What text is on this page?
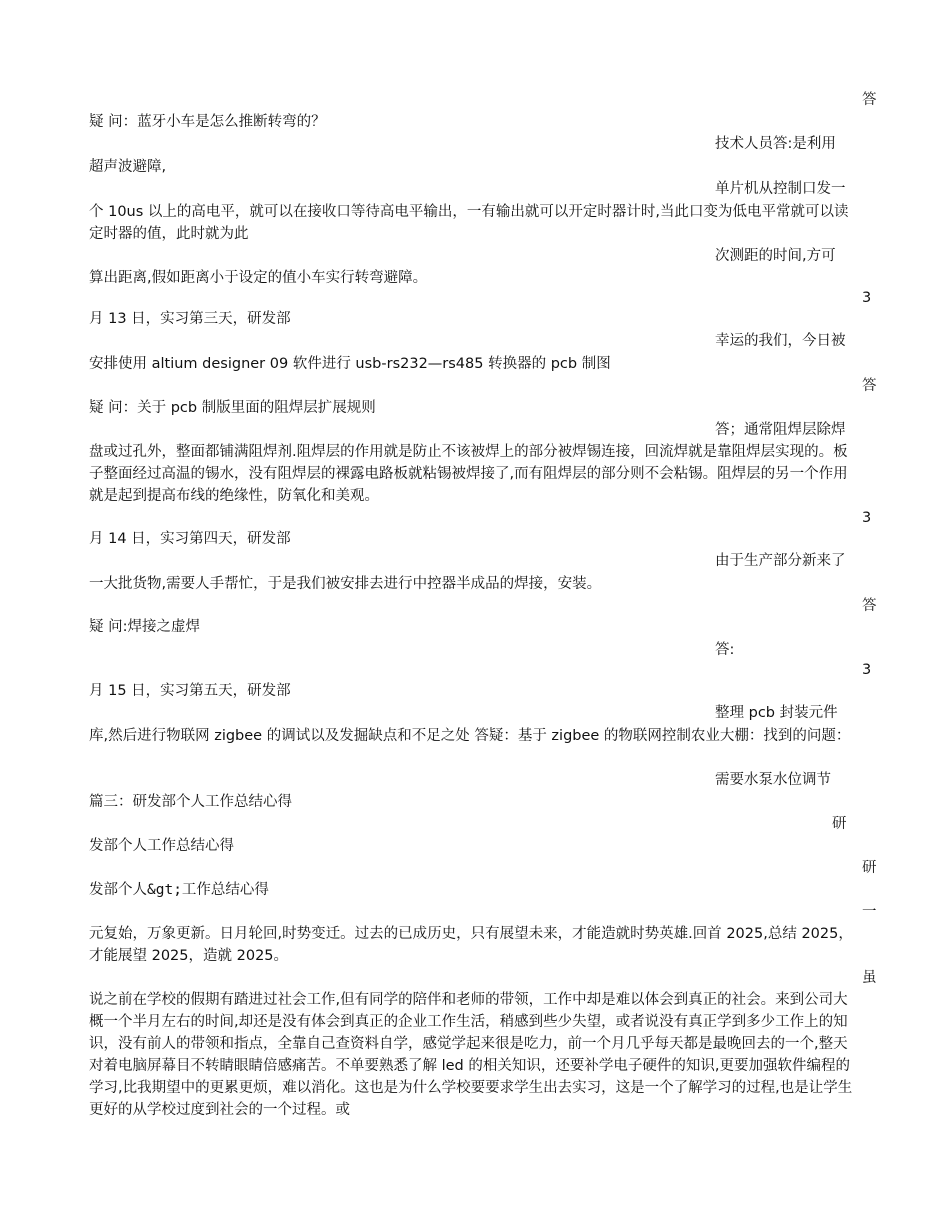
答
疑 问：蓝牙小车是怎么推断转弯的？
技术人员答:是利用
超声波避障,
单片机从控制口发一
个 10us 以上的高电平，就可以在接收口等待高电平输出，一有输出就可以开定时器计时,当此口变为低电平常就可以读定时器的值，此时就为此
次测距的时间,方可
算出距离,假如距离小于设定的值小车实行转弯避障。
3
月 13 日，实习第三天，研发部
幸运的我们，今日被
安排使用 altium designer 09 软件进行 usb-rs232—rs485 转换器的 pcb 制图
答
疑 问：关于 pcb 制版里面的阻焊层扩展规则
答；通常阻焊层除焊
盘或过孔外，整面都铺满阻焊剂.阻焊层的作用就是防止不该被焊上的部分被焊锡连接，回流焊就是靠阻焊层实现的。板子整面经过高温的锡水，没有阻焊层的裸露电路板就粘锡被焊接了,而有阻焊层的部分则不会粘锡。阻焊层的另一个作用就是起到提高布线的绝缘性，防氧化和美观。
3
月 14 日，实习第四天，研发部
由于生产部分新来了
一大批货物,需要人手帮忙，于是我们被安排去进行中控器半成品的焊接，安装。
答
疑 问:焊接之虚焊
答:
3
月 15 日，实习第五天，研发部
整理 pcb 封装元件
库,然后进行物联网 zigbee 的调试以及发掘缺点和不足之处 答疑：基于 zigbee 的物联网控制农业大棚：找到的问题：
需要水泵水位调节
篇三：研发部个人工作总结心得
研
发部个人工作总结心得
研
发部个人&gt;工作总结心得
一
元复始，万象更新。日月轮回,时势变迁。过去的已成历史，只有展望未来，才能造就时势英雄.回首 2025,总结 2025，才能展望 2025，造就 2025。
虽
说之前在学校的假期有踏进过社会工作,但有同学的陪伴和老师的带领，工作中却是难以体会到真正的社会。来到公司大概一个半月左右的时间,却还是没有体会到真正的企业工作生活，稍感到些少失望，或者说没有真正学到多少工作上的知识，没有前人的带领和指点，全靠自己查资料自学，感觉学起来很是吃力，前一个月几乎每天都是最晚回去的一个,整天对着电脑屏幕目不转睛眼睛倍感痛苦。不单要熟悉了解 led 的相关知识，还要补学电子硬件的知识,更要加强软件编程的学习,比我期望中的更累更烦，难以消化。这也是为什么学校要要求学生出去实习，这是一个了解学习的过程,也是让学生更好的从学校过度到社会的一个过程。或
